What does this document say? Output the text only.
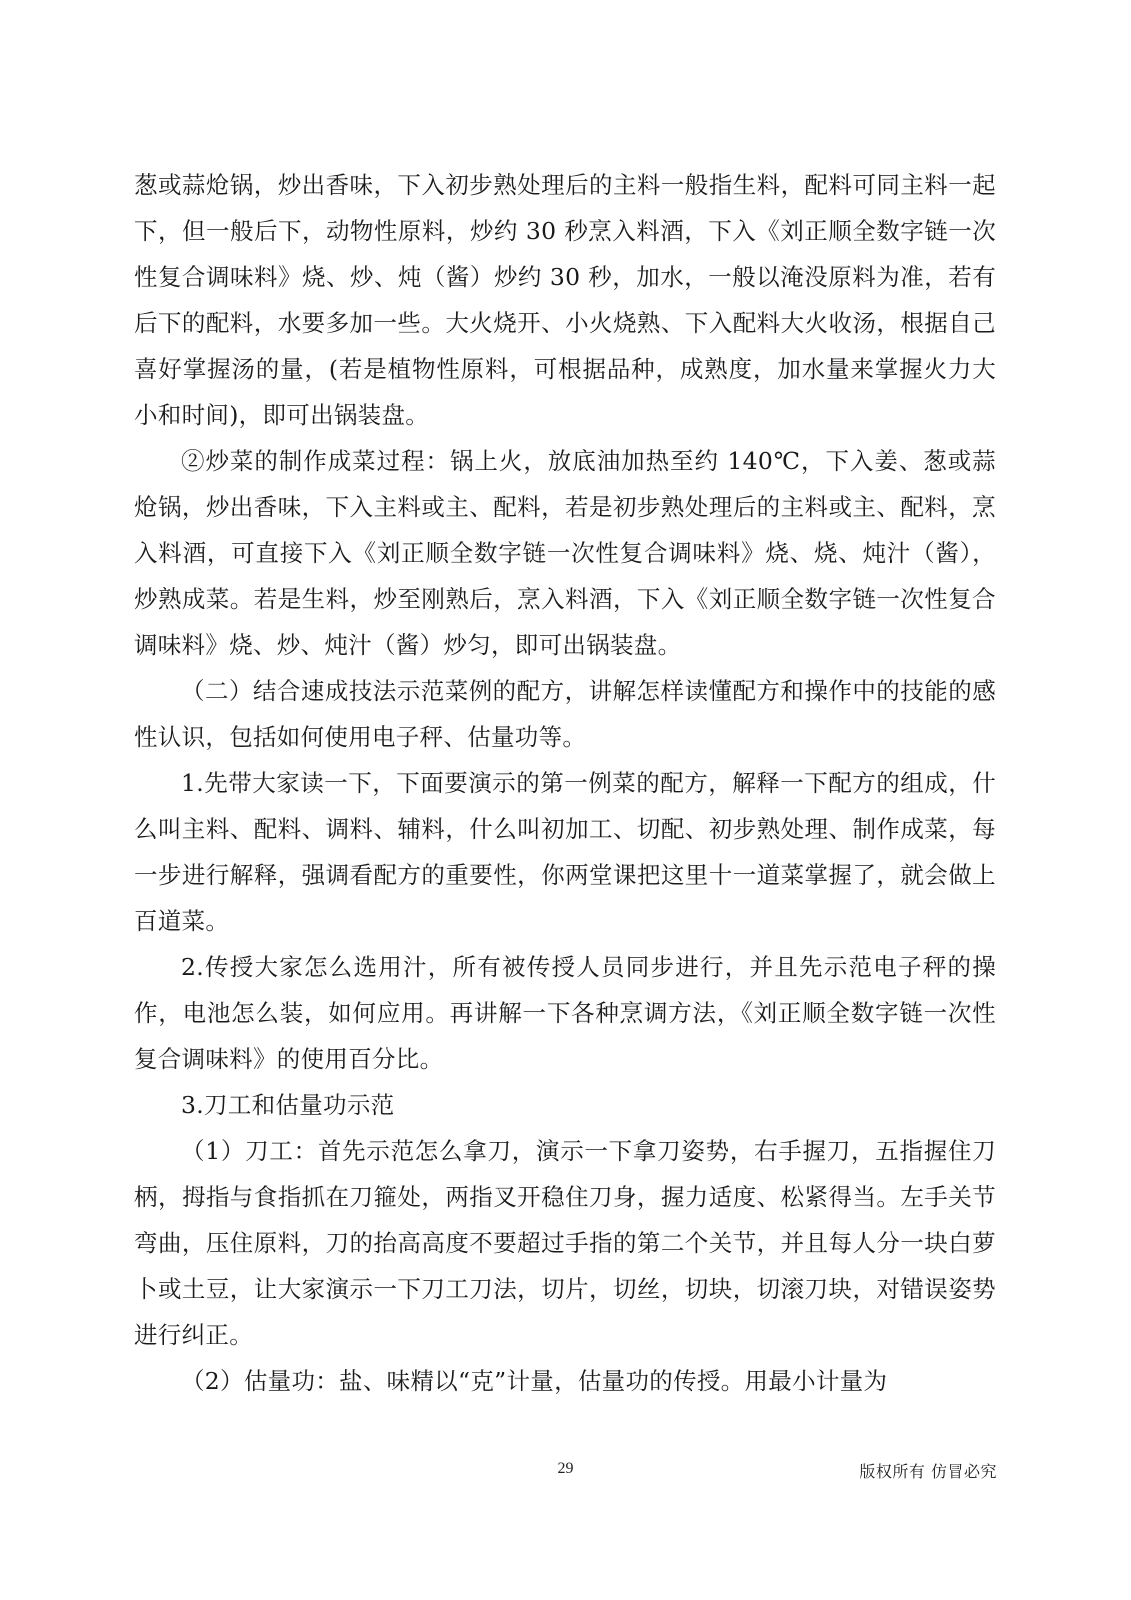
葱或蒜炝锅，炒出香味，下入初步熟处理后的主料一般指生料，配料可同主料一起下，但一般后下，动物性原料，炒约 30 秒烹入料酒，下入《刘正顺全数字链一次性复合调味料》烧、炒、炖（酱）炒约 30 秒，加水，一般以淹没原料为准，若有后下的配料，水要多加一些。大火烧开、小火烧熟、下入配料大火收汤，根据自己喜好掌握汤的量，(若是植物性原料，可根据品种，成熟度，加水量来掌握火力大小和时间)，即可出锅装盘。

②炒菜的制作成菜过程：锅上火，放底油加热至约 140℃，下入姜、葱或蒜炝锅，炒出香味，下入主料或主、配料，若是初步熟处理后的主料或主、配料，烹入料酒，可直接下入《刘正顺全数字链一次性复合调味料》烧、烧、炖汁（酱），炒熟成菜。若是生料，炒至刚熟后，烹入料酒，下入《刘正顺全数字链一次性复合调味料》烧、炒、炖汁（酱）炒匀，即可出锅装盘。

（二）结合速成技法示范菜例的配方，讲解怎样读懂配方和操作中的技能的感性认识，包括如何使用电子秤、估量功等。

1.先带大家读一下，下面要演示的第一例菜的配方，解释一下配方的组成，什么叫主料、配料、调料、辅料，什么叫初加工、切配、初步熟处理、制作成菜，每一步进行解释，强调看配方的重要性，你两堂课把这里十一道菜掌握了，就会做上百道菜。

2.传授大家怎么选用汁，所有被传授人员同步进行，并且先示范电子秤的操作，电池怎么装，如何应用。再讲解一下各种烹调方法，《刘正顺全数字链一次性复合调味料》的使用百分比。

3.刀工和估量功示范

（1）刀工：首先示范怎么拿刀，演示一下拿刀姿势，右手握刀，五指握住刀柄，拇指与食指抓在刀箍处，两指叉开稳住刀身，握力适度、松紧得当。左手关节弯曲，压住原料，刀的抬高高度不要超过手指的第二个关节，并且每人分一块白萝卜或土豆，让大家演示一下刀工刀法，切片，切丝，切块，切滚刀块，对错误姿势进行纠正。

（2）估量功：盐、味精以“克”计量，估量功的传授。用最小计量为

29	版权所有 仿冒必究
